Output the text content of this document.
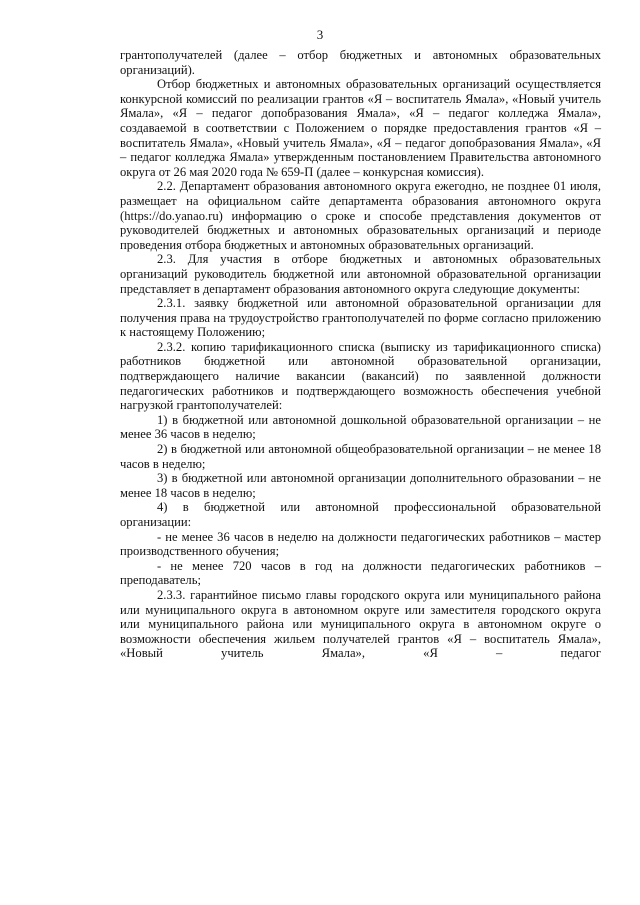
3

грантополучателей (далее – отбор бюджетных и автономных образовательных организаций).

Отбор бюджетных и автономных образовательных организаций осуществляется конкурсной комиссий по реализации грантов «Я – воспитатель Ямала», «Новый учитель Ямала», «Я – педагог допобразования Ямала», «Я – педагог колледжа Ямала», создаваемой в соответствии с Положением о порядке предоставления грантов «Я – воспитатель Ямала», «Новый учитель Ямала», «Я – педагог допобразования Ямала», «Я – педагог колледжа Ямала» утвержденным постановлением Правительства автономного округа от 26 мая 2020 года № 659-П (далее – конкурсная комиссия).

2.2. Департамент образования автономного округа ежегодно, не позднее 01 июля, размещает на официальном сайте департамента образования автономного округа (https://do.yanao.ru) информацию о сроке и способе представления документов от руководителей бюджетных и автономных образовательных организаций и периоде проведения отбора бюджетных и автономных образовательных организаций.

2.3. Для участия в отборе бюджетных и автономных образовательных организаций руководитель бюджетной или автономной образовательной организации представляет в департамент образования автономного округа следующие документы:

2.3.1. заявку бюджетной или автономной образовательной организации для получения права на трудоустройство грантополучателей по форме согласно приложению к настоящему Положению;

2.3.2. копию тарификационного списка (выписку из тарификационного списка) работников бюджетной или автономной образовательной организации, подтверждающего наличие вакансии (вакансий) по заявленной должности педагогических работников и подтверждающего возможность обеспечения учебной нагрузкой грантополучателей:

1) в бюджетной или автономной дошкольной образовательной организации – не менее 36 часов в неделю;

2) в бюджетной или автономной общеобразовательной организации – не менее 18 часов в неделю;

3) в бюджетной или автономной организации дополнительного образовании – не менее 18 часов в неделю;

4) в бюджетной или автономной профессиональной образовательной организации:

- не менее 36 часов в неделю на должности педагогических работников – мастер производственного обучения;

- не менее 720 часов в год на должности педагогических работников – преподаватель;

2.3.3. гарантийное письмо главы городского округа или муниципального района или муниципального округа в автономном округе или заместителя городского округа или муниципального района или муниципального округа в автономном округе о возможности обеспечения жильем получателей грантов «Я – воспитатель Ямала», «Новый учитель Ямала», «Я – педагог
